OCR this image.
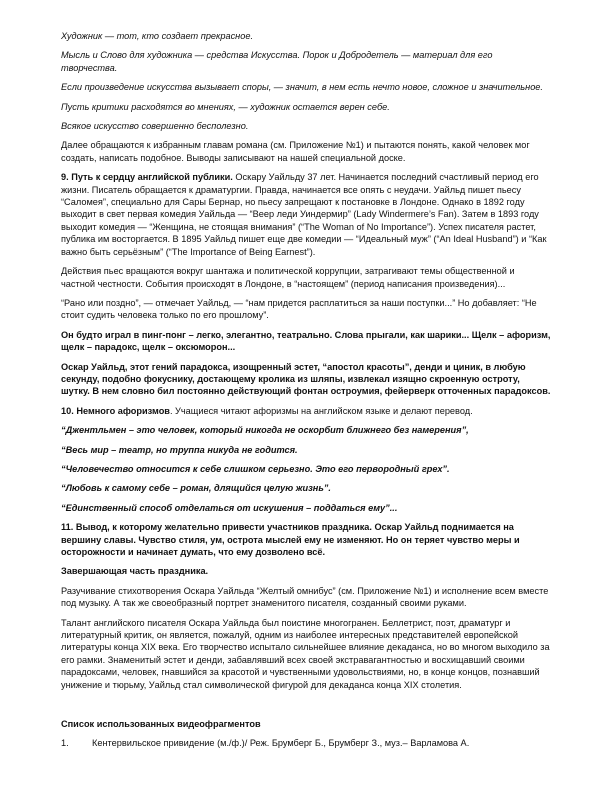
Художник — тот, кто создает прекрасное.

Мысль и Слово для художника — средства Искусства. Порок и Добродетель — материал для его творчества.

Если произведение искусства вызывает споры, — значит, в нем есть нечто новое, сложное и значительное.

Пусть критики расходятся во мнениях, — художник остается верен себе.

Всякое искусство совершенно бесполезно.

Далее обращаются к избранным главам романа (см. Приложение №1) и пытаются понять, какой человек мог создать, написать подобное. Выводы записывают на нашей специальной доске.

9. Путь к сердцу английской публики. Оскару Уайльду 37 лет. Начинается последний счастливый период его жизни. Писатель обращается к драматургии. Правда, начинается все опять с неудачи. Уайльд пишет пьесу “Саломея”, специально для Сары Бернар, но пьесу запрещают к постановке в Лондоне. Однако в 1892 году выходит в свет первая комедия Уайльда — “Веер леди Уиндермир” (Lady Windermere’s Fan). Затем в 1893 году выходит комедия — “Женщина, не стоящая внимания” (“The Woman of No Importance”). Успех писателя растет, публика им восторгается. В 1895 Уайльд пишет еще две комедии — “Идеальный муж” (“An Ideal Husband”) и “Как важно быть серьёзным” (“The Importance of Being Earnest”).

Действия пьес вращаются вокруг шантажа и политической коррупции, затрагивают темы общественной и частной честности. События происходят в Лондоне, в “настоящем” (период написания произведения)...

“Рано или поздно”, — отмечает Уайльд, — “нам придется расплатиться за наши поступки...” Но добавляет: “Не стоит судить человека только по его прошлому”.

Он будто играл в пинг-понг – легко, элегантно, театрально. Слова прыгали, как шарики... Щелк – афоризм, щелк – парадокс, щелк – оксюморон...

Оскар Уайльд, этот гений парадокса, изощренный эстет, “апостол красоты”, денди и циник, в любую секунду, подобно фокуснику, достающему кролика из шляпы, извлекал изящно скроенную остроту, шутку. В нем словно бил постоянно действующий фонтан остроумия, фейерверк отточенных парадоксов.

10. Немного афоризмов. Учащиеся читают афоризмы на английском языке и делают перевод.

“Джентльмен – это человек, который никогда не оскорбит ближнего без намерения”,

“Весь мир – театр, но труппа никуда не годится.

“Человечество относится к себе слишком серьезно. Это его первородный грех”.

“Любовь к самому себе – роман, длящийся целую жизнь”.

“Единственный способ отделаться от искушения – поддаться ему”...

11. Вывод, к которому желательно привести участников праздника. Оскар Уайльд поднимается на вершину славы. Чувство стиля, ум, острота мыслей ему не изменяют. Но он теряет чувство меры и осторожности и начинает думать, что ему дозволено всё.

Завершающая часть праздника.

Разучивание стихотворения Оскара Уайльда “Желтый омнибус” (см. Приложение №1) и исполнение всем вместе под музыку. А так же своеобразный портрет знаменитого писателя, созданный своими руками.

Талант английского писателя Оскара Уайльда был поистине многогранен. Беллетрист, поэт, драматург и литературный критик, он является, пожалуй, одним из наиболее интересных представителей европейской литературы конца XIX века. Его творчество испытало сильнейшее влияние декаданса, но во многом выходило за его рамки. Знаменитый эстет и денди, забавлявший всех своей экстравагантностью и восхищавший своими парадоксами, человек, гнавшийся за красотой и чувственными удовольствиями, но, в конце концов, познавший унижение и тюрьму, Уайльд стал символической фигурой для декаданса конца XIX столетия.

Список использованных видеофрагментов

1.	Кентервильское привидение (м./ф.)/ Реж. Брумберг Б., Брумберг З., муз.– Варламова А.
